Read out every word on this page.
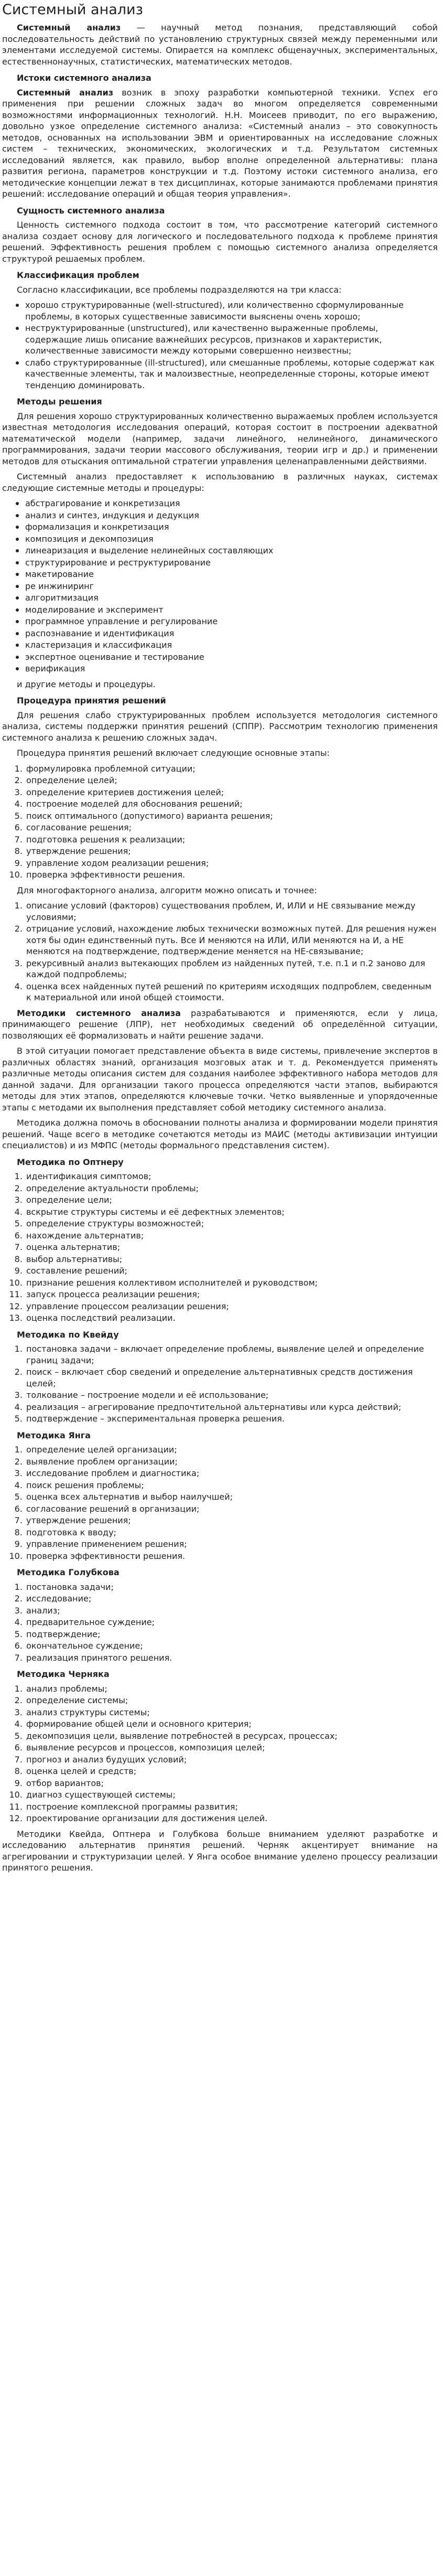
Системный анализ

Системный анализ — научный метод познания, представляющий собой последовательность действий по установлению структурных связей между переменными или элементами исследуемой системы. Опирается на комплекс общенаучных, экспериментальных, естественнонаучных, статистических, математических методов.

Истоки системного анализа

Системный анализ возник в эпоху разработки компьютерной техники. Успех его применения при решении сложных задач во многом определяется современными возможностями информационных технологий. Н.Н. Моисеев приводит, по его выражению, довольно узкое определение системного анализа: «Системный анализ – это совокупность методов, основанных на использовании ЭВМ и ориентированных на исследование сложных систем – технических, экономических, экологических и т.д. Результатом системных исследований является, как правило, выбор вполне определенной альтернативы: плана развития региона, параметров конструкции и т.д. Поэтому истоки системного анализа, его методические концепции лежат в тех дисциплинах, которые занимаются проблемами принятия решений: исследование операций и общая теория управления».

Сущность системного анализа

Ценность системного подхода состоит в том, что рассмотрение категорий системного анализа создает основу для логического и последовательного подхода к проблеме принятия решений. Эффективность решения проблем с помощью системного анализа определяется структурой решаемых проблем.

Классификация проблем

Согласно классификации, все проблемы подразделяются на три класса:

хорошо структурированные (well-structured), или количественно сформулированные проблемы, в которых существенные зависимости выяснены очень хорошо;
неструктурированные (unstructured), или качественно выраженные проблемы, содержащие лишь описание важнейших ресурсов, признаков и характеристик, количественные зависимости между которыми совершенно неизвестны;
слабо структурированные (ill-structured), или смешанные проблемы, которые содержат как качественные элементы, так и малоизвестные, неопределенные стороны, которые имеют тенденцию доминировать.
Методы решения

Для решения хорошо структурированных количественно выражаемых проблем используется известная методология исследования операций, которая состоит в построении адекватной математической модели (например, задачи линейного, нелинейного, динамического программирования, задачи теории массового обслуживания, теории игр и др.) и применении методов для отыскания оптимальной стратегии управления целенаправленными действиями.

Системный анализ предоставляет к использованию в различных науках, системах следующие системные методы и процедуры:

абстрагирование и конкретизация
анализ и синтез, индукция и дедукция
формализация и конкретизация
композиция и декомпозиция
линеаризация и выделение нелинейных составляющих
структурирование и реструктурирование
макетирование
ре инжиниринг
алгоритмизация
моделирование и эксперимент
программное управление и регулирование
распознавание и идентификация
кластеризация и классификация
экспертное оценивание и тестирование
верификация

и другие методы и процедуры.

Процедура принятия решений

Для решения слабо структурированных проблем используется методология системного анализа, системы поддержки принятия решений (СППР). Рассмотрим технологию применения системного анализа к решению сложных задач.

Процедура принятия решений включает следующие основные этапы:

1. формулировка проблемной ситуации;
2. определение целей;
3. определение критериев достижения целей;
4. построение моделей для обоснования решений;
5. поиск оптимального (допустимого) варианта решения;
6. согласование решения;
7. подготовка решения к реализации;
8. утверждение решения;
9. управление ходом реализации решения;
10. проверка эффективности решения.

Для многофакторного анализа, алгоритм можно описать и точнее:

1. описание условий (факторов) существования проблем, И, ИЛИ и НЕ связывание между условиями;
2. отрицание условий, нахождение любых технически возможных путей. Для решения нужен хотя бы один единственный путь. Все И меняются на ИЛИ, ИЛИ меняются на И, а НЕ меняются на подтверждение, подтверждение меняется на НЕ-связывание;
3. рекурсивный анализ вытекающих проблем из найденных путей, т.е. п.1 и п.2 заново для каждой подпроблемы;
4. оценка всех найденных путей решений по критериям исходящих подпроблем, сведенным к материальной или иной общей стоимости.

Методики системного анализа разрабатываются и применяются, если у лица, принимающего решение (ЛПР), нет необходимых сведений об определённой ситуации, позволяющих её формализовать и найти решение задачи.

В этой ситуации помогает представление объекта в виде системы, привлечение экспертов в различных областях знаний, организация мозговых атак и т. д. Рекомендуется применять различные методы описания систем для создания наиболее эффективного набора методов для данной задачи. Для организации такого процесса определяются части этапов, выбираются методы для этих этапов, определяются ключевые точки. Четко выявленные и упорядоченные этапы с методами их выполнения представляет собой методику системного анализа.

Методика должна помочь в обосновании полноты анализа и формировании модели принятия решений. Чаще всего в методике сочетаются методы из МАИС (методы активизации интуиции специалистов) и из МФПС (методы формального представления систем).

Методика по Оптнеру
1. идентификация симптомов;
2. определение актуальности проблемы;
3. определение цели;
4. вскрытие структуры системы и её дефектных элементов;
5. определение структуры возможностей;
6. нахождение альтернатив;
7. оценка альтернатив;
8. выбор альтернативы;
9. составление решений;
10. признание решения коллективом исполнителей и руководством;
11. запуск процесса реализации решения;
12. управление процессом реализации решения;
13. оценка последствий реализации.
Методика по Квейду
1. постановка задачи – включает определение проблемы, выявление целей и определение границ задачи;
2. поиск – включает сбор сведений и определение альтернативных средств достижения целей;
3. толкование – построение модели и её использование;
4. реализация – агрегирование предпочтительной альтернативы или курса действий;
5. подтверждение – экспериментальная проверка решения.
Методика Янга
1. определение целей организации;
2. выявление проблем организации;
3. исследование проблем и диагностика;
4. поиск решения проблемы;
5. оценка всех альтернатив и выбор наилучшей;
6. согласование решений в организации;
7. утверждение решения;
8. подготовка к вводу;
9. управление применением решения;
10. проверка эффективности решения.
Методика Голубкова
1. постановка задачи;
2. исследование;
3. анализ;
4. предварительное суждение;
5. подтверждение;
6. окончательное суждение;
7. реализация принятого решения.
Методика Черняка
1. анализ проблемы;
2. определение системы;
3. анализ структуры системы;
4. формирование общей цели и основного критерия;
5. декомпозиция цели, выявление потребностей в ресурсах, процессах;
6. выявление ресурсов и процессов, композиция целей;
7. прогноз и анализ будущих условий;
8. оценка целей и средств;
9. отбор вариантов;
10. диагноз существующей системы;
11. построение комплексной программы развития;
12. проектирование организации для достижения целей.

Методики Квейда, Оптнера и Голубкова больше вниманием уделяют разработке и исследованию альтернатив принятия решений. Черняк акцентирует внимание на агрегировании и структуризации целей. У Янга особое внимание уделено процессу реализации принятого решения.
